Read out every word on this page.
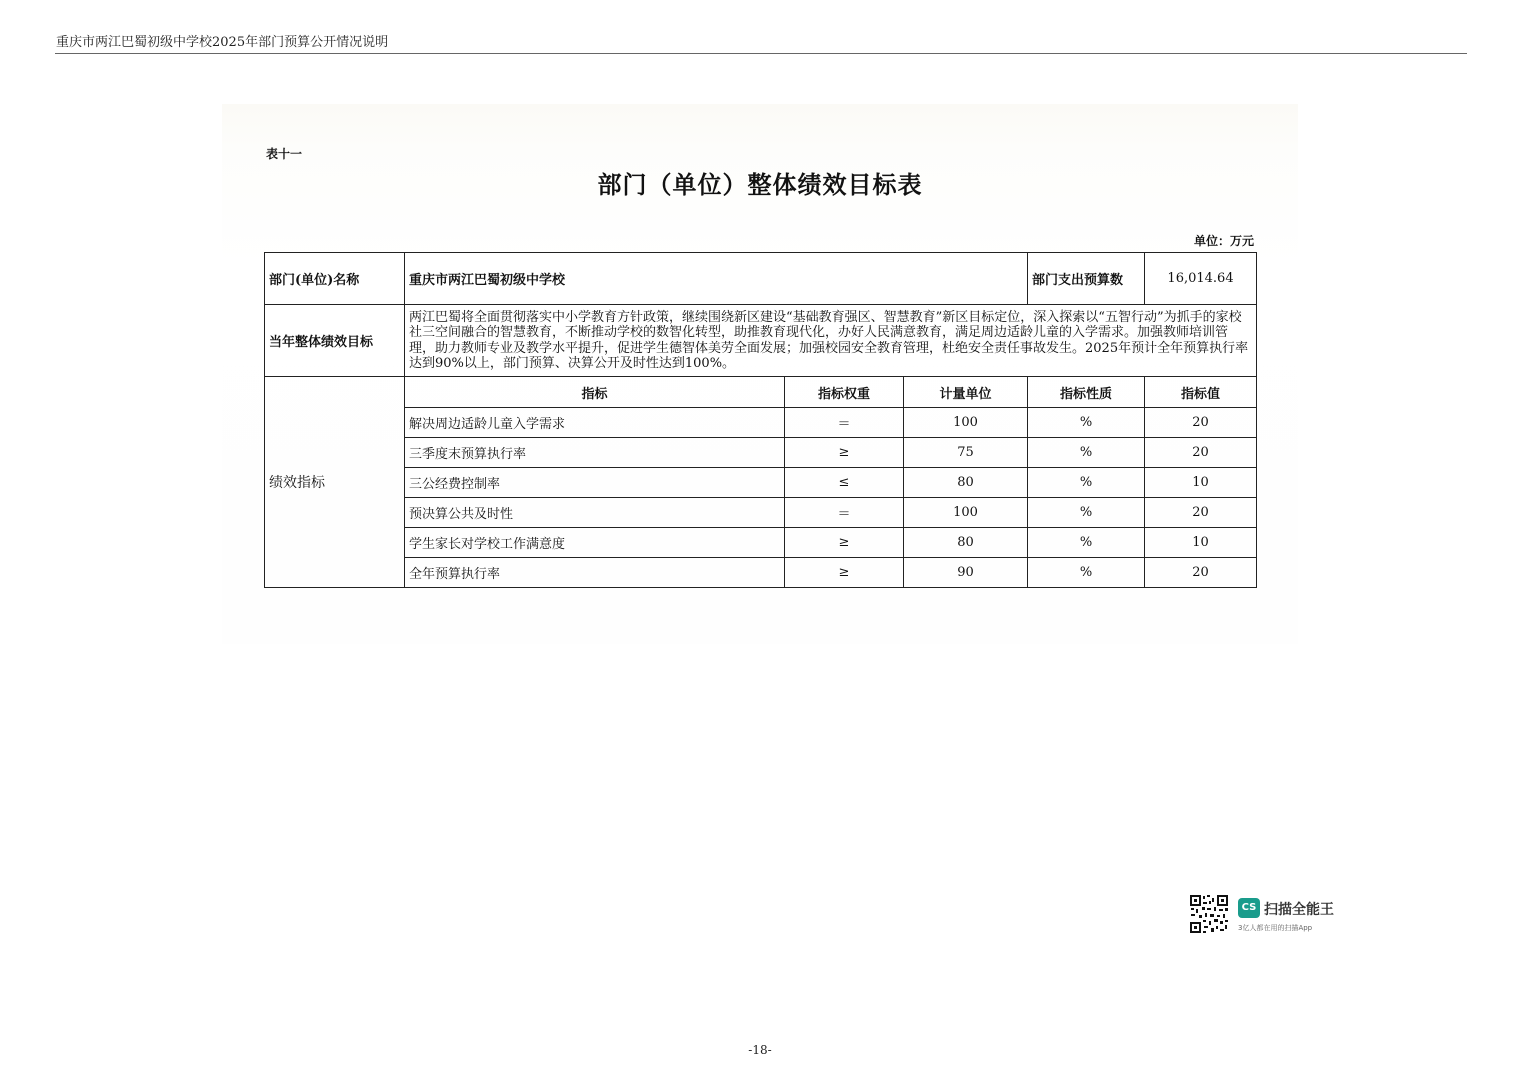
重庆市两江巴蜀初级中学校2025年部门预算公开情况说明
表十一
部门（单位）整体绩效目标表
单位：万元
部门(单位)名称	重庆市两江巴蜀初级中学校			部门支出预算数	16,014.64
当年整体绩效目标	两江巴蜀将全面贯彻落实中小学教育方针政策，继续围绕新区建设“基础教育强区、智慧教育”新区目标定位，深入探索以“五智行动”为抓手的家校社三空间融合的智慧教育，不断推动学校的数智化转型，助推教育现代化，办好人民满意教育，满足周边适龄儿童的入学需求。加强教师培训管理，助力教师专业及教学水平提升，促进学生德智体美劳全面发展；加强校园安全教育管理，杜绝安全责任事故发生。2025年预计全年预算执行率达到90%以上，部门预算、决算公开及时性达到100%。				
绩效指标	指标	指标权重	计量单位	指标性质	指标值
	解决周边适龄儿童入学需求	＝	100	%	20
	三季度末预算执行率	≥	75	%	20
	三公经费控制率	≤	80	%	10
	预决算公共及时性	＝	100	%	20
	学生家长对学校工作满意度	≥	80	%	10
	全年预算执行率	≥	90	%	20
CS 扫描全能王
3亿人都在用的扫描App
-18-
